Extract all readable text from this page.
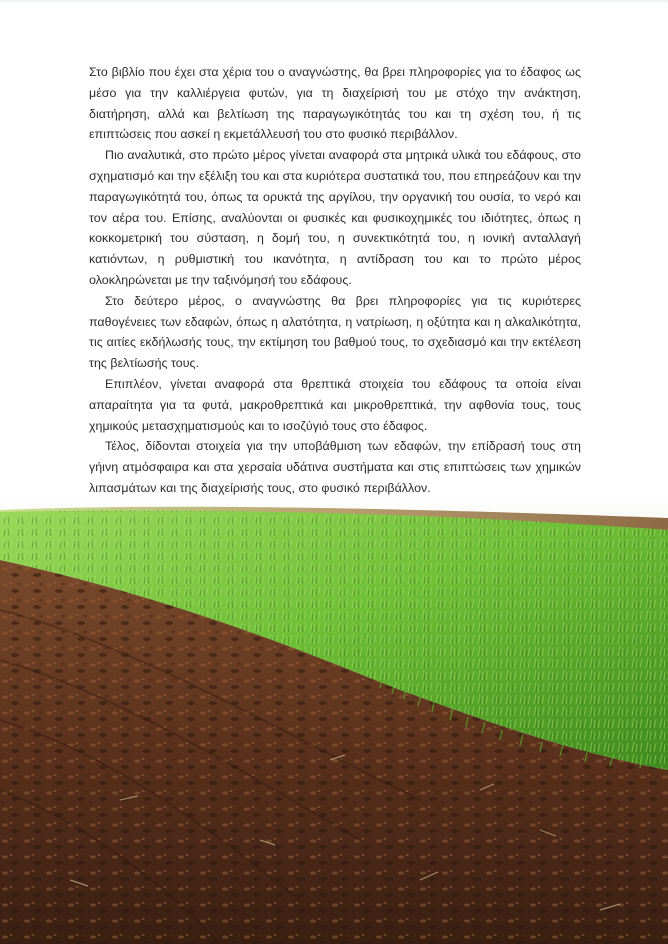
Στο βιβλίο που έχει στα χέρια του ο αναγνώστης, θα βρει πληροφορίες για το έδαφος ως μέσο για την καλλιέργεια φυτών, για τη διαχείρισή του με στόχο την ανάκτηση, διατήρηση, αλλά και βελτίωση της παραγωγικότητάς του και τη σχέση του, ή τις επιπτώσεις που ασκεί η εκμετάλλευσή του στο φυσικό περιβάλλον.

Πιο αναλυτικά, στο πρώτο μέρος γίνεται αναφορά στα μητρικά υλικά του εδάφους, στο σχηματισμό και την εξέλιξη του και στα κυριότερα συστατικά του, που επηρεάζουν και την παραγωγικότητά του, όπως τα ορυκτά της αργίλου, την οργανική του ουσία, το νερό και τον αέρα του. Επίσης, αναλύονται οι φυσικές και φυσικοχημικές του ιδιότητες, όπως η κοκκομετρική του σύσταση, η δομή του, η συνεκτικότητά του, η ιονική ανταλλαγή κατιόντων, η ρυθμιστική του ικανότητα, η αντίδραση του και το πρώτο μέρος ολοκληρώνεται με την ταξινόμησή του εδάφους.

Στο δεύτερο μέρος, ο αναγνώστης θα βρει πληροφορίες για τις κυριότερες παθογένειες των εδαφών, όπως η αλατότητα, η νατρίωση, η οξύτητα και η αλκαλικότητα, τις αιτίες εκδήλωσής τους, την εκτίμηση του βαθμού τους, το σχεδιασμό και την εκτέλεση της βελτίωσής τους.

Επιπλέον, γίνεται αναφορά στα θρεπτικά στοιχεία του εδάφους τα οποία είναι απαραίτητα για τα φυτά, μακροθρεπτικά και μικροθρεπτικά, την αφθονία τους, τους χημικούς μετασχηματισμούς και το ισοζύγιό τους στο έδαφος.

Τέλος, δίδονται στοιχεία για την υποβάθμιση των εδαφών, την επίδρασή τους στη γήινη ατμόσφαιρα και στα χερσαία υδάτινα συστήματα και στις επιπτώσεις των χημικών λιπασμάτων και της διαχείρισής τους, στο φυσικό περιβάλλον.
